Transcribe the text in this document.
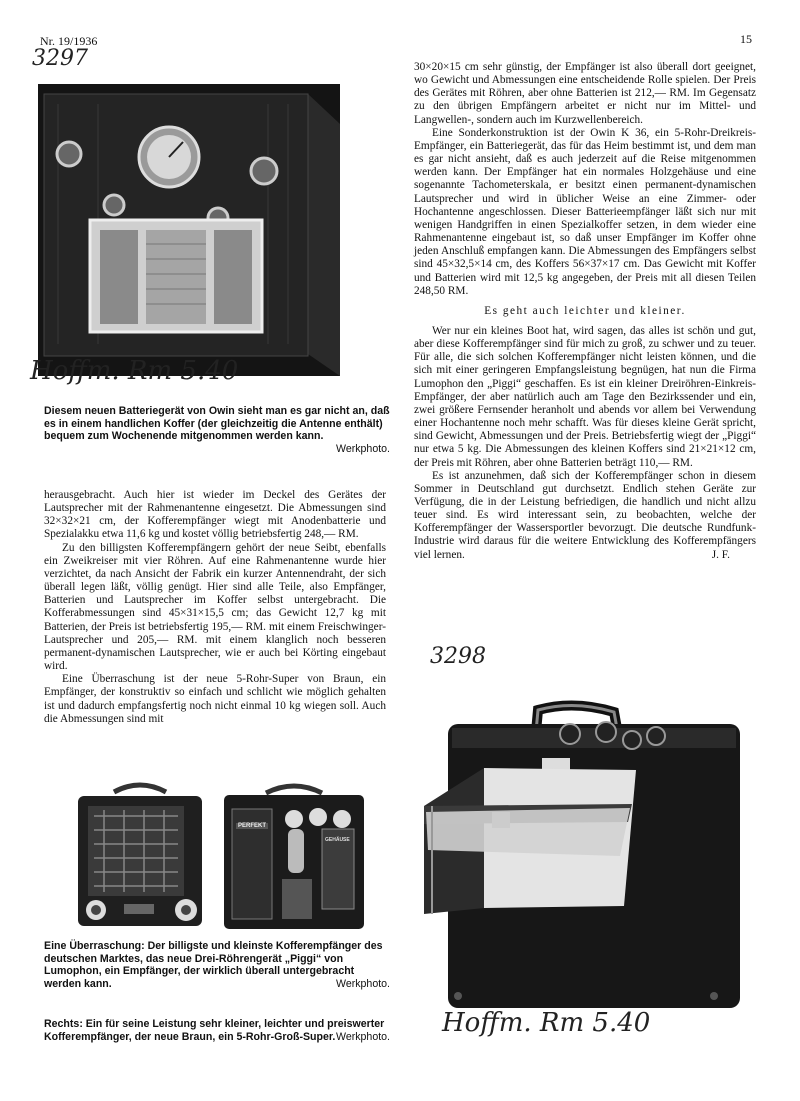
Nr. 19/1936	15
3297
Hoffm. Rm 5.40
Diesem neuen Batteriegerät von Owin sieht man es gar nicht an, daß es in einem handlichen Koffer (der gleichzeitig die Antenne enthält) bequem zum Wochenende mitgenommen werden kann.
Werkphoto.

herausgebracht. Auch hier ist wieder im Deckel des Gerätes der Lautsprecher mit der Rahmenantenne eingesetzt. Die Abmessungen sind 32×32×21 cm, der Kofferempfänger wiegt mit Anodenbatterie und Spezialakku etwa 11,6 kg und kostet völlig betriebsfertig 248,— RM.

Zu den billigsten Kofferempfängern gehört der neue Seibt, ebenfalls ein Zweikreiser mit vier Röhren. Auf eine Rahmenantenne wurde hier verzichtet, da nach Ansicht der Fabrik ein kurzer Antennendraht, der sich überall legen läßt, völlig genügt. Hier sind alle Teile, also Empfänger, Batterien und Lautsprecher im Koffer selbst untergebracht. Die Kofferabmessungen sind 45×31×15,5 cm; das Gewicht 12,7 kg mit Batterien, der Preis ist betriebsfertig 195,— RM. mit einem Freischwinger-Lautsprecher und 205,— RM. mit einem klanglich noch besseren permanent-dynamischen Lautsprecher, wie er auch bei Körting eingebaut wird.

Eine Überraschung ist der neue 5-Rohr-Super von Braun, ein Empfänger, der konstruktiv so einfach und schlicht wie möglich gehalten ist und dadurch empfangsfertig noch nicht einmal 10 kg wiegen soll. Auch die Abmessungen sind mit

PERFEKT
GEHÄUSE
Eine Überraschung: Der billigste und kleinste Kofferempfänger des deutschen Marktes, das neue Drei-Röhrengerät „Piggi“ von Lumophon, ein Empfänger, der wirklich überall untergebracht werden kann.	Werkphoto.
Rechts: Ein für seine Leistung sehr kleiner, leichter und preiswerter Kofferempfänger, der neue Braun, ein 5-Rohr-Groß-Super. Werkphoto.

30×20×15 cm sehr günstig, der Empfänger ist also überall dort geeignet, wo Gewicht und Abmessungen eine entscheidende Rolle spielen. Der Preis des Gerätes mit Röhren, aber ohne Batterien ist 212,— RM. Im Gegensatz zu den übrigen Empfängern arbeitet er nicht nur im Mittel- und Langwellen-, sondern auch im Kurzwellenbereich.

Eine Sonderkonstruktion ist der Owin K 36, ein 5-Rohr-Dreikreis-Empfänger, ein Batteriegerät, das für das Heim bestimmt ist, und dem man es gar nicht ansieht, daß es auch jederzeit auf die Reise mitgenommen werden kann. Der Empfänger hat ein normales Holzgehäuse und eine sogenannte Tachometerskala, er besitzt einen permanent-dynamischen Lautsprecher und wird in üblicher Weise an eine Zimmer- oder Hochantenne angeschlossen. Dieser Batterieempfänger läßt sich nur mit wenigen Handgriffen in einen Spezialkoffer setzen, in dem wieder eine Rahmenantenne eingebaut ist, so daß unser Empfänger im Koffer ohne jeden Anschluß empfangen kann. Die Abmessungen des Empfängers selbst sind 45×32,5×14 cm, des Koffers 56×37×17 cm. Das Gewicht mit Koffer und Batterien wird mit 12,5 kg angegeben, der Preis mit all diesen Teilen 248,50 RM.

Es geht auch leichter und kleiner.

Wer nur ein kleines Boot hat, wird sagen, das alles ist schön und gut, aber diese Kofferempfänger sind für mich zu groß, zu schwer und zu teuer. Für alle, die sich solchen Kofferempfänger nicht leisten können, und die sich mit einer geringeren Empfangsleistung begnügen, hat nun die Firma Lumophon den „Piggi“ geschaffen. Es ist ein kleiner Dreiröhren-Einkreis-Empfänger, der aber natürlich auch am Tage den Bezirkssender und ein, zwei größere Fernsender heranholt und abends vor allem bei Verwendung einer Hochantenne noch mehr schafft. Was für dieses kleine Gerät spricht, sind Gewicht, Abmessungen und der Preis. Betriebsfertig wiegt der „Piggi“ nur etwa 5 kg. Die Abmessungen des kleinen Koffers sind 21×21×12 cm, der Preis mit Röhren, aber ohne Batterien beträgt 110,— RM.

Es ist anzunehmen, daß sich der Kofferempfänger schon in diesem Sommer in Deutschland gut durchsetzt. Endlich stehen Geräte zur Verfügung, die in der Leistung befriedigen, die handlich und nicht allzu teuer sind. Es wird interessant sein, zu beobachten, welche der Kofferempfänger der Wassersportler bevorzugt. Die deutsche Rundfunk-Industrie wird daraus für die weitere Entwicklung des Kofferempfängers viel lernen.	J. F.

3298
Hoffm. Rm 5.40
